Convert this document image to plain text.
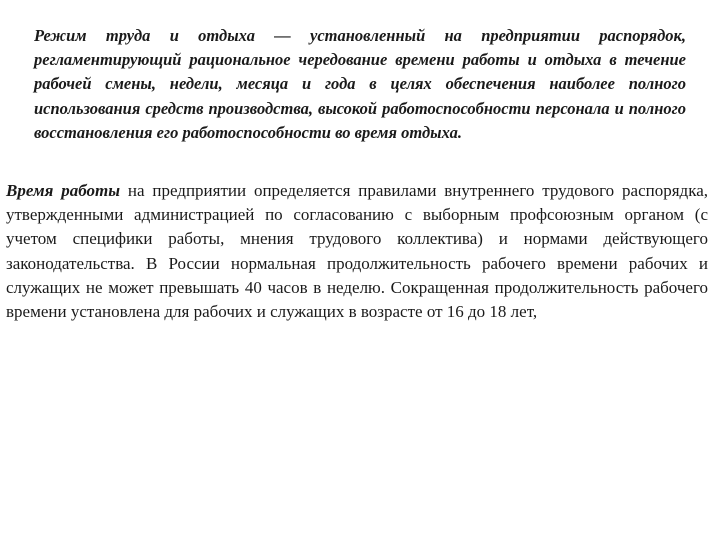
Режим труда и отдыха — установленный на предприятии распорядок, регламентирующий рациональное чередование времени работы и отдыха в течение рабочей смены, недели, месяца и года в целях обеспечения наиболее полного использования средств производства, высокой работоспособности персонала и полного восстановления его работоспособности во время отдыха.

Время работы на предприятии определяется правилами внутреннего трудового распорядка, утвержденными администрацией по согласованию с выборным профсоюзным органом (с учетом специфики работы, мнения трудового коллектива) и нормами действующего законодательства. В России нормальная продолжительность рабочего времени рабочих и служащих не может превышать 40 часов в неделю. Сокращенная продолжительность рабочего времени установлена для рабочих и служащих в возрасте от 16 до 18 лет,
